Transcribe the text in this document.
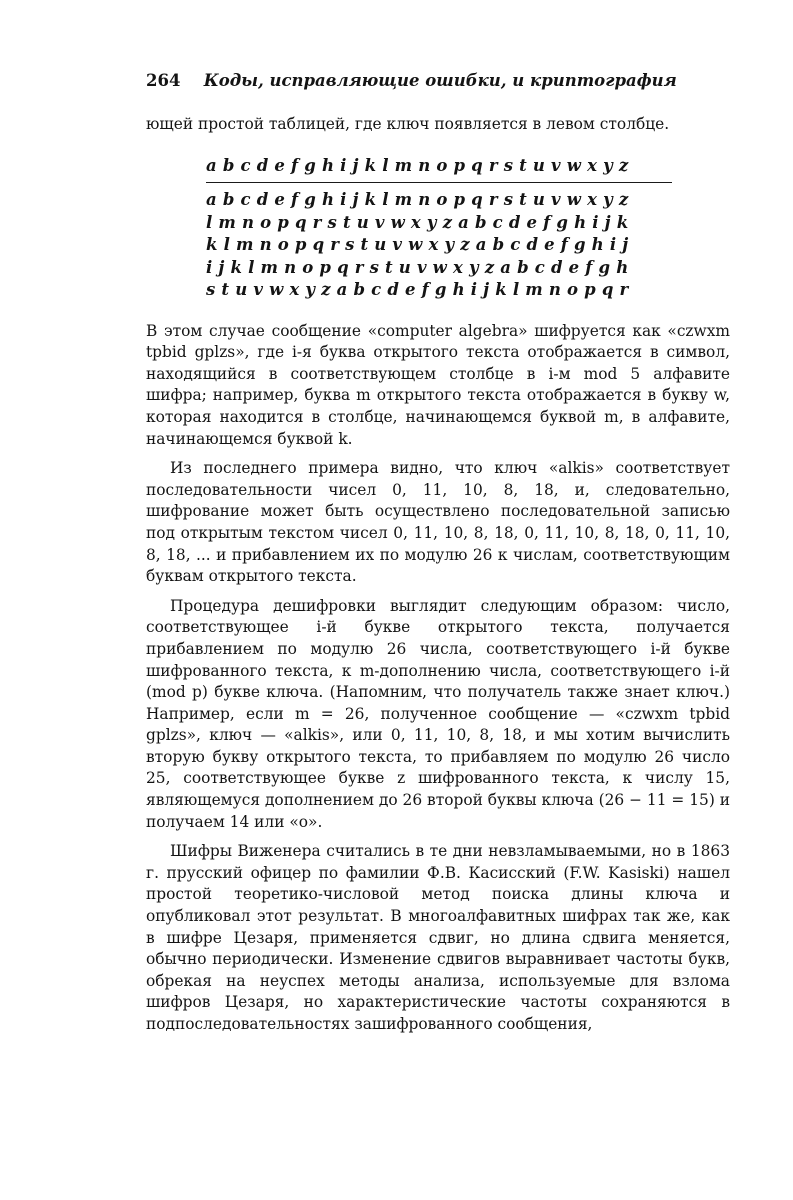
264 Коды, исправляющие ошибки, и криптография

ющей простой таблицей, где ключ появляется в левом столбце.

a b c d e f g h i j k l m n o p q r s t u v w x y z
a b c d e f g h i j k l m n o p q r s t u v w x y z
l m n o p q r s t u v w x y z a b c d e f g h i j k
k l m n o p q r s t u v w x y z a b c d e f g h i j
i j k l m n o p q r s t u v w x y z a b c d e f g h
s t u v w x y z a b c d e f g h i j k l m n o p q r

В этом случае сообщение «computer algebra» шифруется как «czwxm tpbid gplzs», где i-я буква открытого текста отображается в символ, находящийся в соответствующем столбце в i-м mod 5 алфавите шифра; например, буква m открытого текста отображается в букву w, которая находится в столбце, начинающемся буквой m, в алфавите, начинающемся буквой k.

Из последнего примера видно, что ключ «alkis» соответствует последовательности чисел 0, 11, 10, 8, 18, и, следовательно, шифрование может быть осуществлено последовательной записью под открытым текстом чисел 0, 11, 10, 8, 18, 0, 11, 10, 8, 18, 0, 11, 10, 8, 18, ... и прибавлением их по модулю 26 к числам, соответствующим буквам открытого текста.

Процедура дешифровки выглядит следующим образом: число, соответствующее i-й букве открытого текста, получается прибавлением по модулю 26 числа, соответствующего i-й букве шифрованного текста, к m-дополнению числа, соответствующего i-й (mod p) букве ключа. (Напомним, что получатель также знает ключ.) Например, если m = 26, полученное сообщение — «czwxm tpbid gplzs», ключ — «alkis», или 0, 11, 10, 8, 18, и мы хотим вычислить вторую букву открытого текста, то прибавляем по модулю 26 число 25, соответствующее букве z шифрованного текста, к числу 15, являющемуся дополнением до 26 второй буквы ключа (26 − 11 = 15) и получаем 14 или «o».

Шифры Виженера считались в те дни невзламываемыми, но в 1863 г. прусский офицер по фамилии Ф.В. Касисский (F.W. Kasiski) нашел простой теоретико-числовой метод поиска длины ключа и опубликовал этот результат. В многоалфавитных шифрах так же, как в шифре Цезаря, применяется сдвиг, но длина сдвига меняется, обычно периодически. Изменение сдвигов выравнивает частоты букв, обрекая на неуспех методы анализа, используемые для взлома шифров Цезаря, но характеристические частоты сохраняются в подпоследовательностях зашифрованного сообщения,
